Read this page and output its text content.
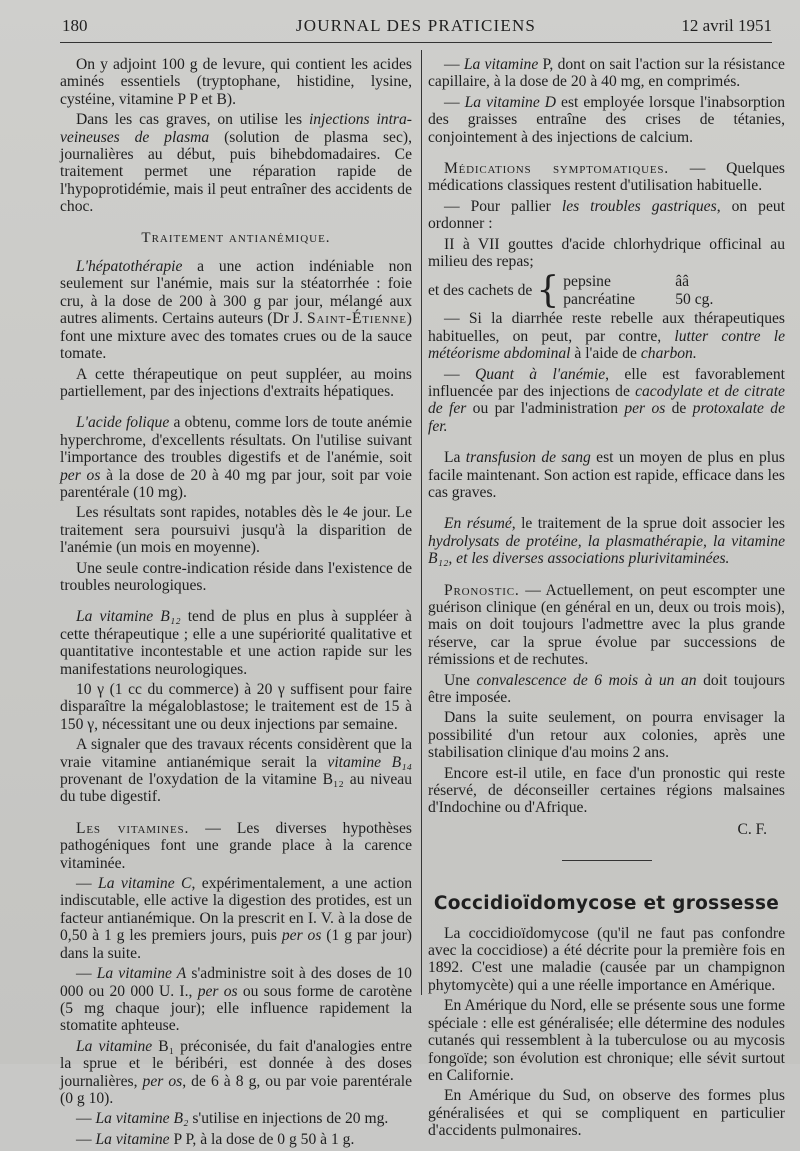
180	JOURNAL DES PRATICIENS	12 avril 1951

On y adjoint 100 g de levure, qui contient les acides aminés essentiels (tryptophane, histidine, lysine, cystéine, vitamine P P et B).

Dans les cas graves, on utilise les injections intra-veineuses de plasma (solution de plasma sec), journalières au début, puis bihebdomadaires. Ce traitement permet une réparation rapide de l'hypoprotidémie, mais il peut entraîner des accidents de choc.

Traitement antianémique.

L'hépatothérapie a une action indéniable non seulement sur l'anémie, mais sur la stéatorrhée : foie cru, à la dose de 200 à 300 g par jour, mélangé aux autres aliments. Certains auteurs (Dr J. Saint-Étienne) font une mixture avec des tomates crues ou de la sauce tomate.

A cette thérapeutique on peut suppléer, au moins partiellement, par des injections d'extraits hépatiques.

L'acide folique a obtenu, comme lors de toute anémie hyperchrome, d'excellents résultats. On l'utilise suivant l'importance des troubles digestifs et de l'anémie, soit per os à la dose de 20 à 40 mg par jour, soit par voie parentérale (10 mg).

Les résultats sont rapides, notables dès le 4e jour. Le traitement sera poursuivi jusqu'à la disparition de l'anémie (un mois en moyenne).

Une seule contre-indication réside dans l'existence de troubles neurologiques.

La vitamine B₁₂ tend de plus en plus à suppléer à cette thérapeutique ; elle a une supériorité qualitative et quantitative incontestable et une action rapide sur les manifestations neurologiques.

10 γ (1 cc du commerce) à 20 γ suffisent pour faire disparaître la mégaloblastose; le traitement est de 15 à 150 γ, nécessitant une ou deux injections par semaine.

A signaler que des travaux récents considèrent que la vraie vitamine antianémique serait la vitamine B₁₄ provenant de l'oxydation de la vitamine B₁₂ au niveau du tube digestif.

Les vitamines. — Les diverses hypothèses pathogéniques font une grande place à la carence vitaminée.

— La vitamine C, expérimentalement, a une action indiscutable, elle active la digestion des protides, est un facteur antianémique. On la prescrit en I. V. à la dose de 0,50 à 1 g les premiers jours, puis per os (1 g par jour) dans la suite.

— La vitamine A s'administre soit à des doses de 10 000 ou 20 000 U. I., per os ou sous forme de carotène (5 mg chaque jour); elle influence rapidement la stomatite aphteuse.

La vitamine B₁ préconisée, du fait d'analogies entre la sprue et le béribéri, est donnée à des doses journalières, per os, de 6 à 8 g, ou par voie parentérale (0 g 10).

— La vitamine B₂ s'utilise en injections de 20 mg.

— La vitamine P P, à la dose de 0 g 50 à 1 g.

— La vitamine P, dont on sait l'action sur la résistance capillaire, à la dose de 20 à 40 mg, en comprimés.

— La vitamine D est employée lorsque l'inabsorption des graisses entraîne des crises de tétanies, conjointement à des injections de calcium.

Médications symptomatiques. — Quelques médications classiques restent d'utilisation habituelle.

— Pour pallier les troubles gastriques, on peut ordonner :

II à VII gouttes d'acide chlorhydrique officinal au milieu des repas;

et des cachets de { pepsine	ââ
pancréatine	50 cg.

— Si la diarrhée reste rebelle aux thérapeutiques habituelles, on peut, par contre, lutter contre le météorisme abdominal à l'aide de charbon.

— Quant à l'anémie, elle est favorablement influencée par des injections de cacodylate et de citrate de fer ou par l'administration per os de protoxalate de fer.

La transfusion de sang est un moyen de plus en plus facile maintenant. Son action est rapide, efficace dans les cas graves.

En résumé, le traitement de la sprue doit associer les hydrolysats de protéine, la plasmathérapie, la vitamine B₁₂, et les diverses associations plurivitaminées.

Pronostic. — Actuellement, on peut escompter une guérison clinique (en général en un, deux ou trois mois), mais on doit toujours l'admettre avec la plus grande réserve, car la sprue évolue par successions de rémissions et de rechutes.

Une convalescence de 6 mois à un an doit toujours être imposée.

Dans la suite seulement, on pourra envisager la possibilité d'un retour aux colonies, après une stabilisation clinique d'au moins 2 ans.

Encore est-il utile, en face d'un pronostic qui reste réservé, de déconseiller certaines régions malsaines d'Indochine ou d'Afrique.

C. F.
Coccidioïdomycose et grossesse

La coccidioïdomycose (qu'il ne faut pas confondre avec la coccidiose) a été décrite pour la première fois en 1892. C'est une maladie (causée par un champignon phytomycète) qui a une réelle importance en Amérique.

En Amérique du Nord, elle se présente sous une forme spéciale : elle est généralisée; elle détermine des nodules cutanés qui ressemblent à la tuberculose ou au mycosis fongoïde; son évolution est chronique; elle sévit surtout en Californie.

En Amérique du Sud, on observe des formes plus généralisées et qui se compliquent en particulier d'accidents pulmonaires.
